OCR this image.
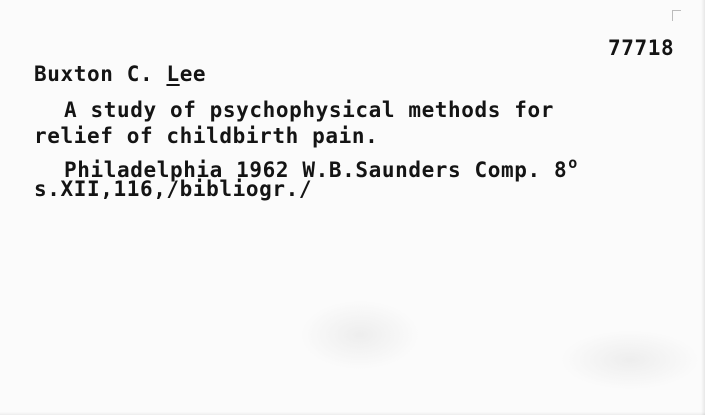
77718
Buxton C. Lee
A study of psychophysical methods for
relief of childbirth pain.
Philadelphia 1962 W.B.Saunders Comp. 8$^o$
s.XII,116,/bibliogr./
